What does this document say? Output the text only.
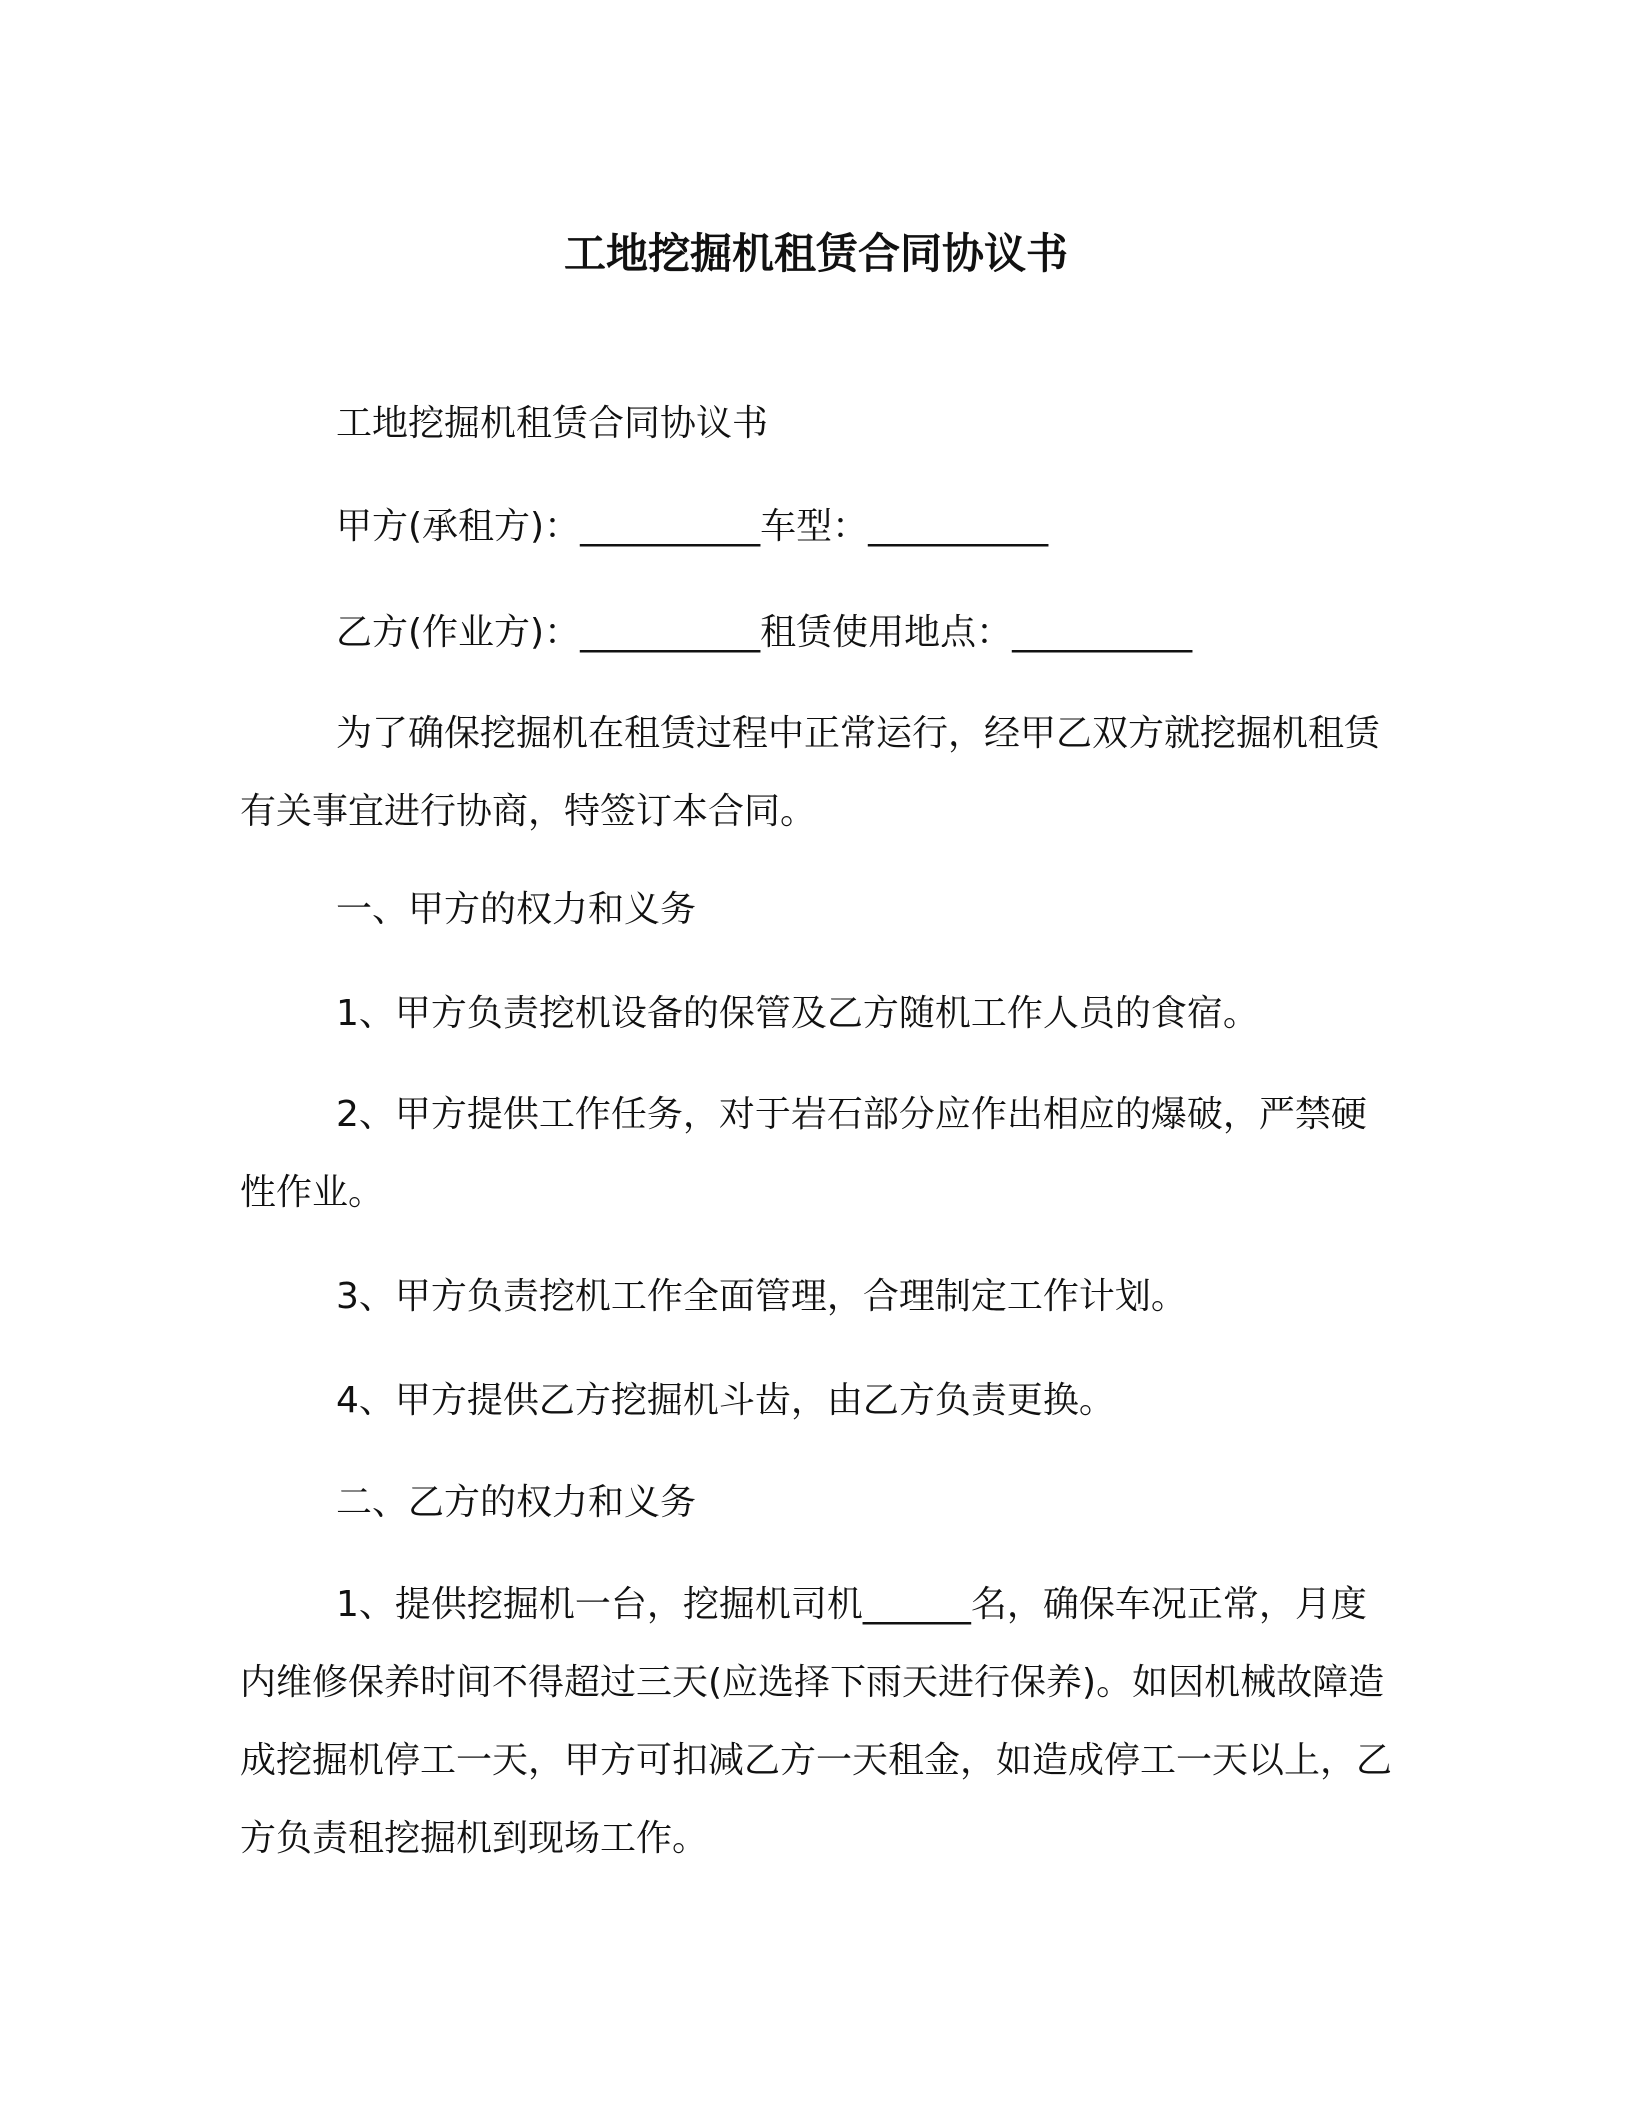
工地挖掘机租赁合同协议书
工地挖掘机租赁合同协议书
甲方(承租方)：__________车型：__________
乙方(作业方)：__________租赁使用地点：__________

为了确保挖掘机在租赁过程中正常运行，经甲乙双方就挖掘机租赁有关事宜进行协商，特签订本合同。

一、甲方的权力和义务
1、甲方负责挖机设备的保管及乙方随机工作人员的食宿。

2、甲方提供工作任务，对于岩石部分应作出相应的爆破，严禁硬性作业。

3、甲方负责挖机工作全面管理，合理制定工作计划。
4、甲方提供乙方挖掘机斗齿，由乙方负责更换。
二、乙方的权力和义务

1、提供挖掘机一台，挖掘机司机______名，确保车况正常，月度内维修保养时间不得超过三天(应选择下雨天进行保养)。如因机械故障造成挖掘机停工一天，甲方可扣减乙方一天租金，如造成停工一天以上，乙方负责租挖掘机到现场工作。
